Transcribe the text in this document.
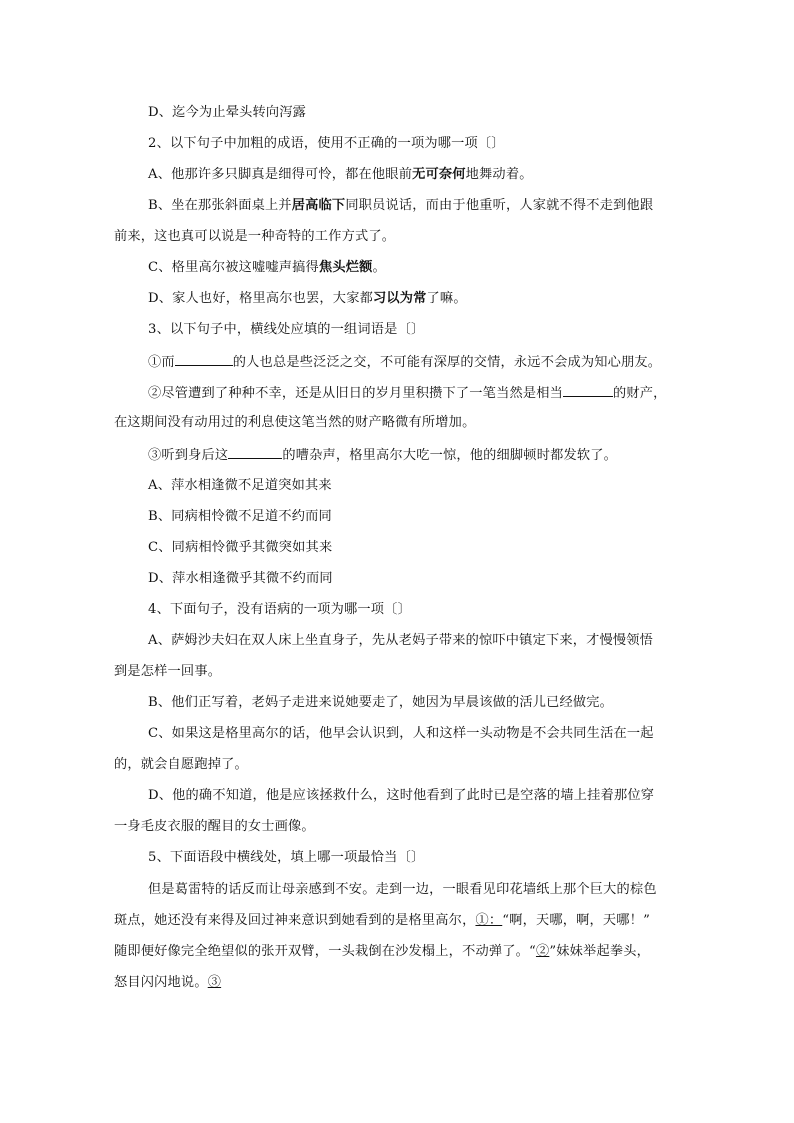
D、迄今为止晕头转向泻露
2、以下句子中加粗的成语，使用不正确的一项为哪一项〔〕
A、他那许多只脚真是细得可怜，都在他眼前无可奈何地舞动着。
B、坐在那张斜面桌上并居高临下同职员说话，而由于他重听，人家就不得不走到他跟
前来，这也真可以说是一种奇特的工作方式了。
C、格里高尔被这嘘嘘声搞得焦头烂额。
D、家人也好，格里高尔也罢，大家都习以为常了嘛。
3、以下句子中，横线处应填的一组词语是〔〕
①而	的人也总是些泛泛之交，不可能有深厚的交情，永远不会成为知心朋友。
②尽管遭到了种种不幸，还是从旧日的岁月里积攒下了一笔当然是相当	的财产，
在这期间没有动用过的利息使这笔当然的财产略微有所增加。
③听到身后这	的嘈杂声，格里高尔大吃一惊，他的细脚顿时都发软了。
A、萍水相逢微不足道突如其来
B、同病相怜微不足道不约而同
C、同病相怜微乎其微突如其来
D、萍水相逢微乎其微不约而同
4、下面句子，没有语病的一项为哪一项〔〕
A、萨姆沙夫妇在双人床上坐直身子，先从老妈子带来的惊吓中镇定下来，才慢慢领悟
到是怎样一回事。
B、他们正写着，老妈子走进来说她要走了，她因为早晨该做的活儿已经做完。
C、如果这是格里高尔的话，他早会认识到，人和这样一头动物是不会共同生活在一起
的，就会自愿跑掉了。
D、他的确不知道，他是应该拯救什么，这时他看到了此时已是空落的墙上挂着那位穿
一身毛皮衣服的醒目的女士画像。
5、下面语段中横线处，填上哪一项最恰当〔〕
但是葛雷特的话反而让母亲感到不安。走到一边，一眼看见印花墙纸上那个巨大的棕色
斑点，她还没有来得及回过神来意识到她看到的是格里高尔，①：“啊，天哪，啊，天哪！”
随即便好像完全绝望似的张开双臂，一头栽倒在沙发榻上，不动弹了。“②”妹妹举起拳头，
怒目闪闪地说。③
